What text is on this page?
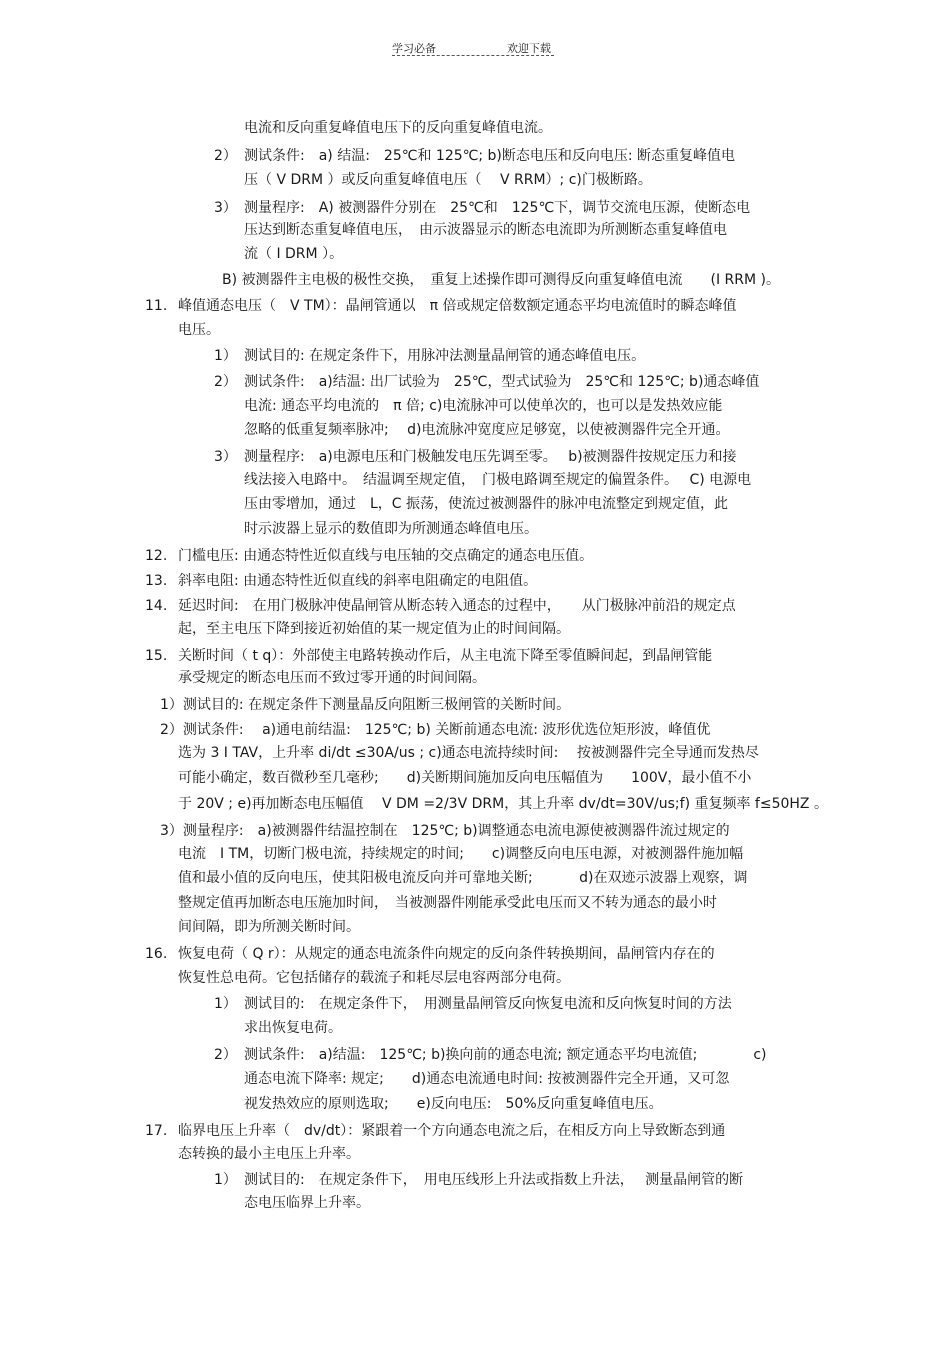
学习必备	欢迎下载
电流和反向重复峰值电压下的反向重复峰值电流。
2） 测试条件:　a) 结温:　25℃和 125℃; b)断态电压和反向电压: 断态重复峰值电
压（ V DRM ）或反向重复峰值电压（　 V RRM）; c)门极断路。
3） 测量程序:　A) 被测器件分别在　25℃和　125℃下，调节交流电压源，使断态电
压达到断态重复峰值电压，　由示波器显示的断态电流即为所测断态重复峰值电
流（ I DRM ）。
B) 被测器件主电极的极性交换，　重复上述操作即可测得反向重复峰值电流　　(I RRM )。
11. 峰值通态电压（　V TM）：晶闸管通以　π 倍或规定倍数额定通态平均电流值时的瞬态峰值
电压。
1） 测试目的: 在规定条件下，用脉冲法测量晶闸管的通态峰值电压。
2） 测试条件:　a)结温: 出厂试验为　25℃，型式试验为　25℃和 125℃; b)通态峰值
电流: 通态平均电流的　π 倍; c)电流脉冲可以使单次的，也可以是发热效应能
忽略的低重复频率脉冲;　 d)电流脉冲宽度应足够宽，以使被测器件完全开通。
3） 测量程序:　a)电源电压和门极触发电压先调至零。　 b)被测器件按规定压力和接
线法接入电路中。　结温调至规定值，　门极电路调至规定的偏置条件。　 C) 电源电
压由零增加，通过　L，C 振荡，使流过被测器件的脉冲电流整定到规定值，此
时示波器上显示的数值即为所测通态峰值电压。
12. 门槛电压: 由通态特性近似直线与电压轴的交点确定的通态电压值。
13. 斜率电阻: 由通态特性近似直线的斜率电阻确定的电阻值。
14. 延迟时间:　在用门极脉冲使晶闸管从断态转入通态的过程中，　　从门极脉冲前沿的规定点
起，至主电压下降到接近初始值的某一规定值为止的时间间隔。
15. 关断时间（ t q）：外部使主电路转换动作后，从主电流下降至零值瞬间起，到晶闸管能
承受规定的断态电压而不致过零开通的时间间隔。
1）测试目的: 在规定条件下测量晶反向阻断三极闸管的关断时间。
2）测试条件:　 a)通电前结温:　125℃; b) 关断前通态电流: 波形优选位矩形波，峰值优
选为 3 I TAV，上升率 di/dt ≤30A/us ; c)通态电流持续时间:　 按被测器件完全导通而发热尽
可能小确定，数百微秒至几毫秒;　　d)关断期间施加反向电压幅值为　　100V，最小值不小
于 20V ; e)再加断态电压幅值　 V DM =2/3V DRM，其上升率 dv/dt=30V/us;f) 重复频率 f≤50HZ 。
3）测量程序:　a)被测器件结温控制在　125℃; b)调整通态电流电源使被测器件流过规定的
电流　I TM，切断门极电流，持续规定的时间;　　c)调整反向电压电源，对被测器件施加幅
值和最小值的反向电压，使其阳极电流反向并可靠地关断;　　　 d)在双迹示波器上观察，调
整规定值再加断态电压施加时间，　当被测器件刚能承受此电压而又不转为通态的最小时
间间隔，即为所测关断时间。
16. 恢复电荷（ Q r）：从规定的通态电流条件向规定的反向条件转换期间，晶闸管内存在的
恢复性总电荷。它包括储存的载流子和耗尽层电容两部分电荷。
1） 测试目的:　在规定条件下，　用测量晶闸管反向恢复电流和反向恢复时间的方法
求出恢复电荷。
2） 测试条件:　a)结温:　125℃; b)换向前的通态电流; 额定通态平均电流值;　　　　c)
通态电流下降率: 规定;　　d)通态电流通电时间: 按被测器件完全开通，又可忽
视发热效应的原则选取;　　e)反向电压:　50%反向重复峰值电压。
17. 临界电压上升率（　dv/dt）：紧跟着一个方向通态电流之后，在相反方向上导致断态到通
态转换的最小主电压上升率。
1） 测试目的:　在规定条件下，　用电压线形上升法或指数上升法，　 测量晶闸管的断
态电压临界上升率。
